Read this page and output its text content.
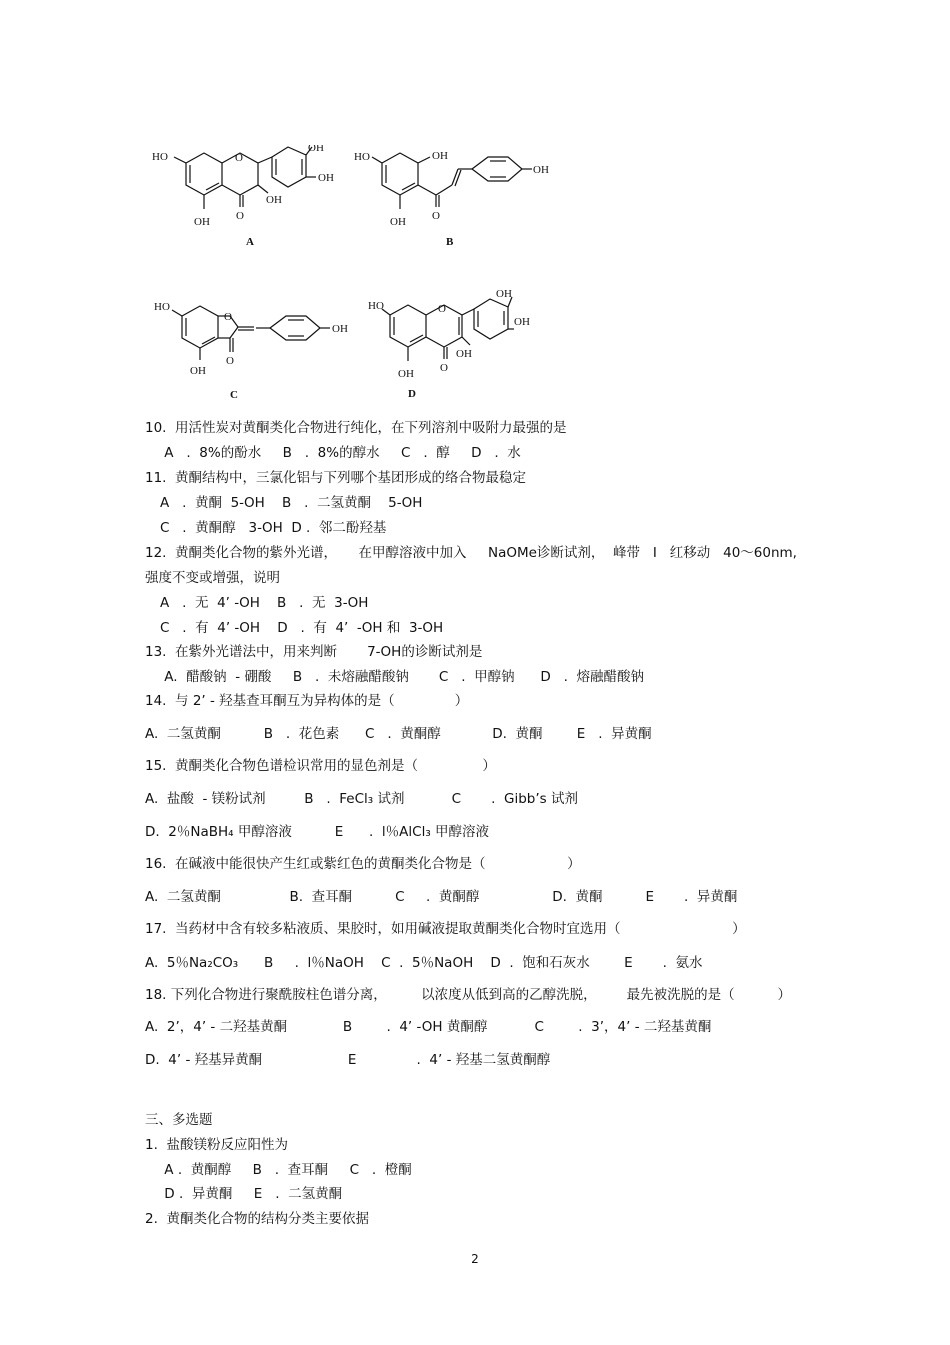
HO
OH
OH
OH
OH
O
O
A
HO	OH
OH
OH O
B
HO
OH
OH
O
O
C
HO
OH
OH
OH
OH
O
O
D
10.  用活性炭对黄酮类化合物进行纯化，在下列溶剂中吸附力最强的是
A   .  8%的酚水     B   .  8%的醇水     C   .  醇     D   .  水
11.  黄酮结构中，三氯化铝与下列哪个基团形成的络合物最稳定
A   .  黄酮  5-OH    B   .  二氢黄酮    5-OH
C   .  黄酮醇   3-OH  D .  邻二酚羟基
12.  黄酮类化合物的紫外光谱，     在甲醇溶液中加入     NaOMe诊断试剂，  峰带   I   红移动   40～60nm,
强度不变或增强，说明
A   .  无  4’ -OH    B   .  无  3-OH
C   .  有  4’ -OH    D   .  有  4’  -OH 和  3-OH
13.  在紫外光谱法中，用来判断       7-OH的诊断试剂是
A.  醋酸钠  - 硼酸     B   .  未熔融醋酸钠       C   .  甲醇钠      D   .  熔融醋酸钠
14.  与 2’ - 羟基查耳酮互为异构体的是（              ）
A.  二氢黄酮          B   .  花色素      C   .  黄酮醇            D.  黄酮        E   .  异黄酮
15.  黄酮类化合物色谱检识常用的显色剂是（               ）
A.  盐酸  - 镁粉试剂         B   .  FeCl₃ 试剂           C       .  Gibb’s 试剂
D.  2％NaBH₄ 甲醇溶液          E      .  l％AlCl₃ 甲醇溶液
16.  在碱液中能很快产生红或紫红色的黄酮类化合物是（                   ）
A.  二氢黄酮                B.  查耳酮          C     .  黄酮醇                 D.  黄酮          E       .  异黄酮
17.  当药材中含有较多粘液质、果胶时，如用碱液提取黄酮类化合物时宜选用（                          ）
A.  5％Na₂CO₃      B     .  l％NaOH    C  .  5％NaOH    D  .  饱和石灰水        E       .  氨水
18. 下列化合物进行聚酰胺柱色谱分离，        以浓度从低到高的乙醇洗脱，       最先被洗脱的是（          ）
A.  2’，4’ - 二羟基黄酮             B        .  4’ -OH 黄酮醇           C        .  3’，4’ - 二羟基黄酮
D.  4’ - 羟基异黄酮                    E              .  4’ - 羟基二氢黄酮醇
三、多选题
1.  盐酸镁粉反应阳性为
A .  黄酮醇     B   .  查耳酮     C   .  橙酮
D .  异黄酮     E   .  二氢黄酮
2.  黄酮类化合物的结构分类主要依据
2
